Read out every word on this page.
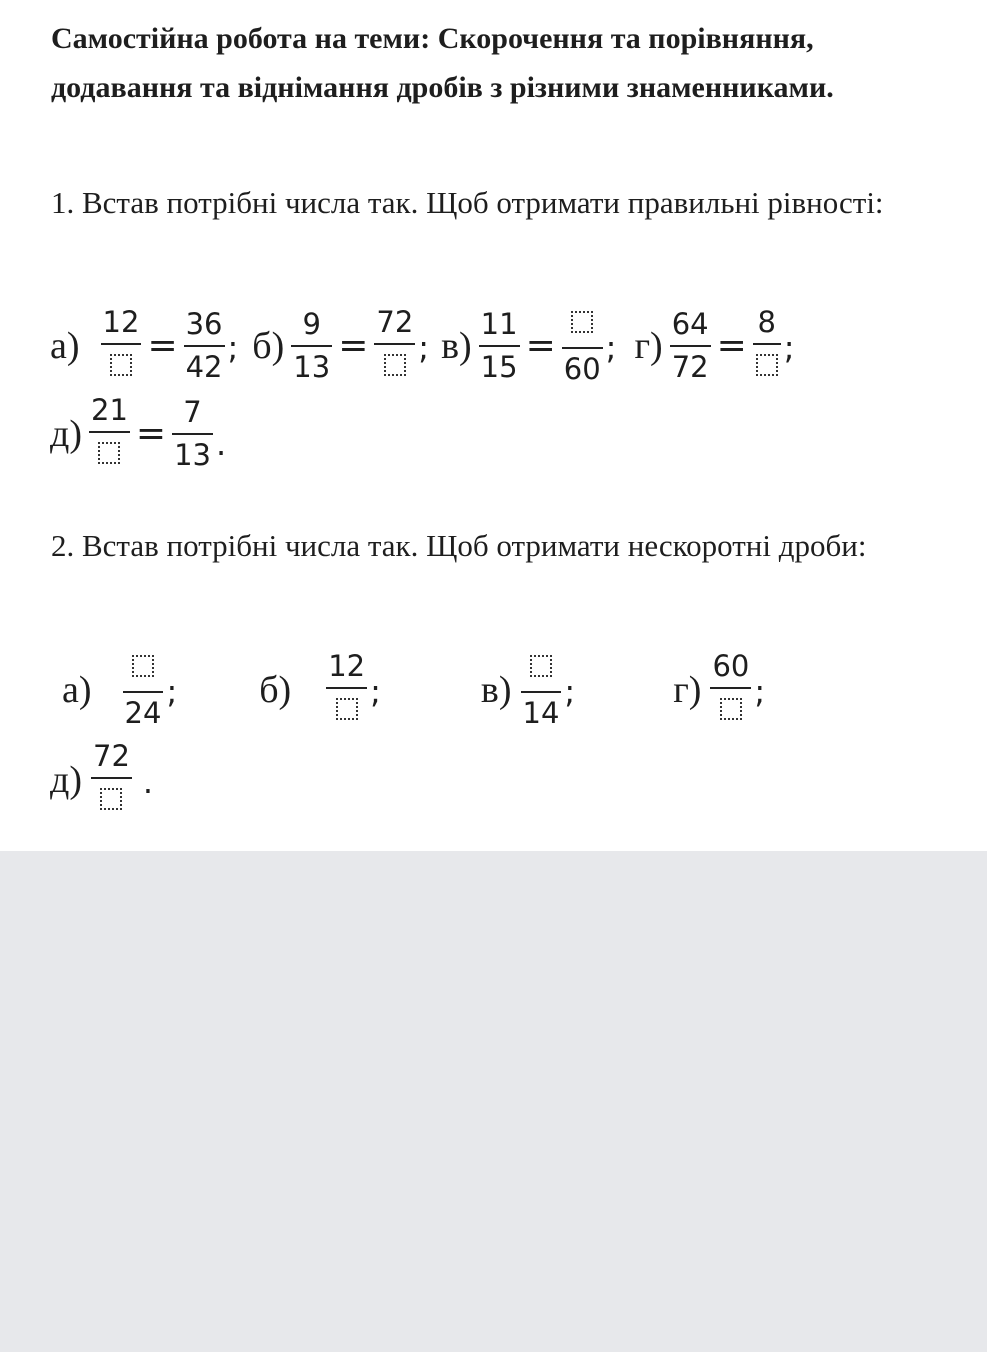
Самостійна робота на теми: Скорочення та порівняння, додавання та віднімання дробів з різними знаменниками.
1. Встав потрібні числа так. Щоб отримати правильні рівності:
2. Встав потрібні числа так. Щоб отримати нескоротні дроби:
а)
12
= $\frac{36}{42}$ ; $б) \frac{9}{13}$ =
72
; $в) \frac{11}{15}$ =
60
; $г) \frac{64}{72}$ =
8
;
д)
21
= $\frac{7}{13}$ .
а)
24
; б)
12
;	в)
14
;	г)
60
;
д)
72
.
